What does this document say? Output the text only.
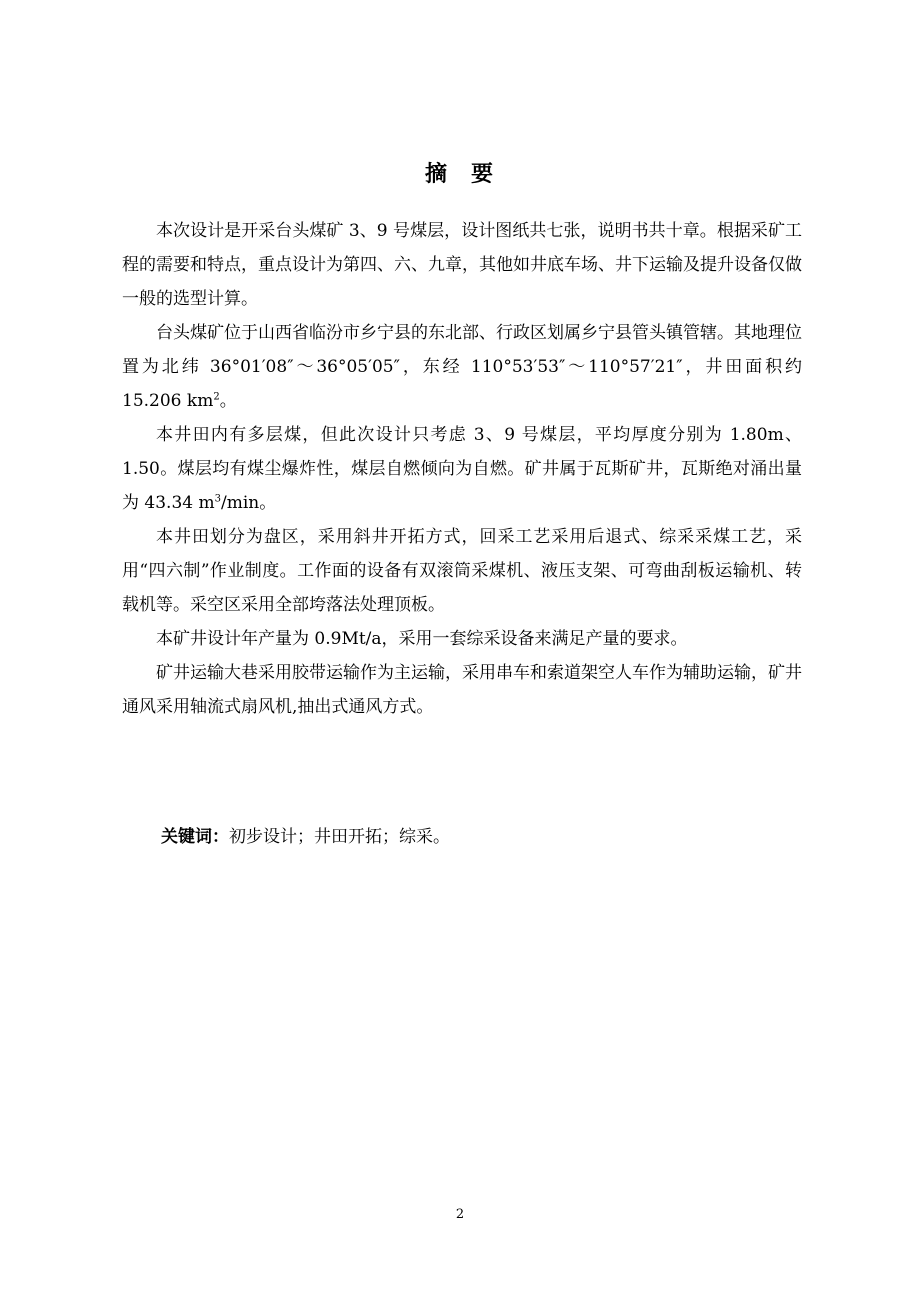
摘 要

本次设计是开采台头煤矿 3、9 号煤层，设计图纸共七张，说明书共十章。根据采矿工程的需要和特点，重点设计为第四、六、九章，其他如井底车场、井下运输及提升设备仅做一般的选型计算。

台头煤矿位于山西省临汾市乡宁县的东北部、行政区划属乡宁县管头镇管辖。其地理位置为北纬 36°01′08″～36°05′05″，东经 110°53′53″～110°57′21″，井田面积约 15.206 $km^2$。

本井田内有多层煤，但此次设计只考虑 3、9 号煤层，平均厚度分别为 1.80m、1.50。煤层均有煤尘爆炸性，煤层自燃倾向为自燃。矿井属于瓦斯矿井，瓦斯绝对涌出量为 43.34 $m^3/\min$。

本井田划分为盘区，采用斜井开拓方式，回采工艺采用后退式、综采采煤工艺，采用“四六制”作业制度。工作面的设备有双滚筒采煤机、液压支架、可弯曲刮板运输机、转载机等。采空区采用全部垮落法处理顶板。

本矿井设计年产量为 0.9Mt/a，采用一套综采设备来满足产量的要求。

矿井运输大巷采用胶带运输作为主运输，采用串车和索道架空人车作为辅助运输，矿井通风采用轴流式扇风机,抽出式通风方式。

关键词：初步设计；井田开拓；综采。

2
